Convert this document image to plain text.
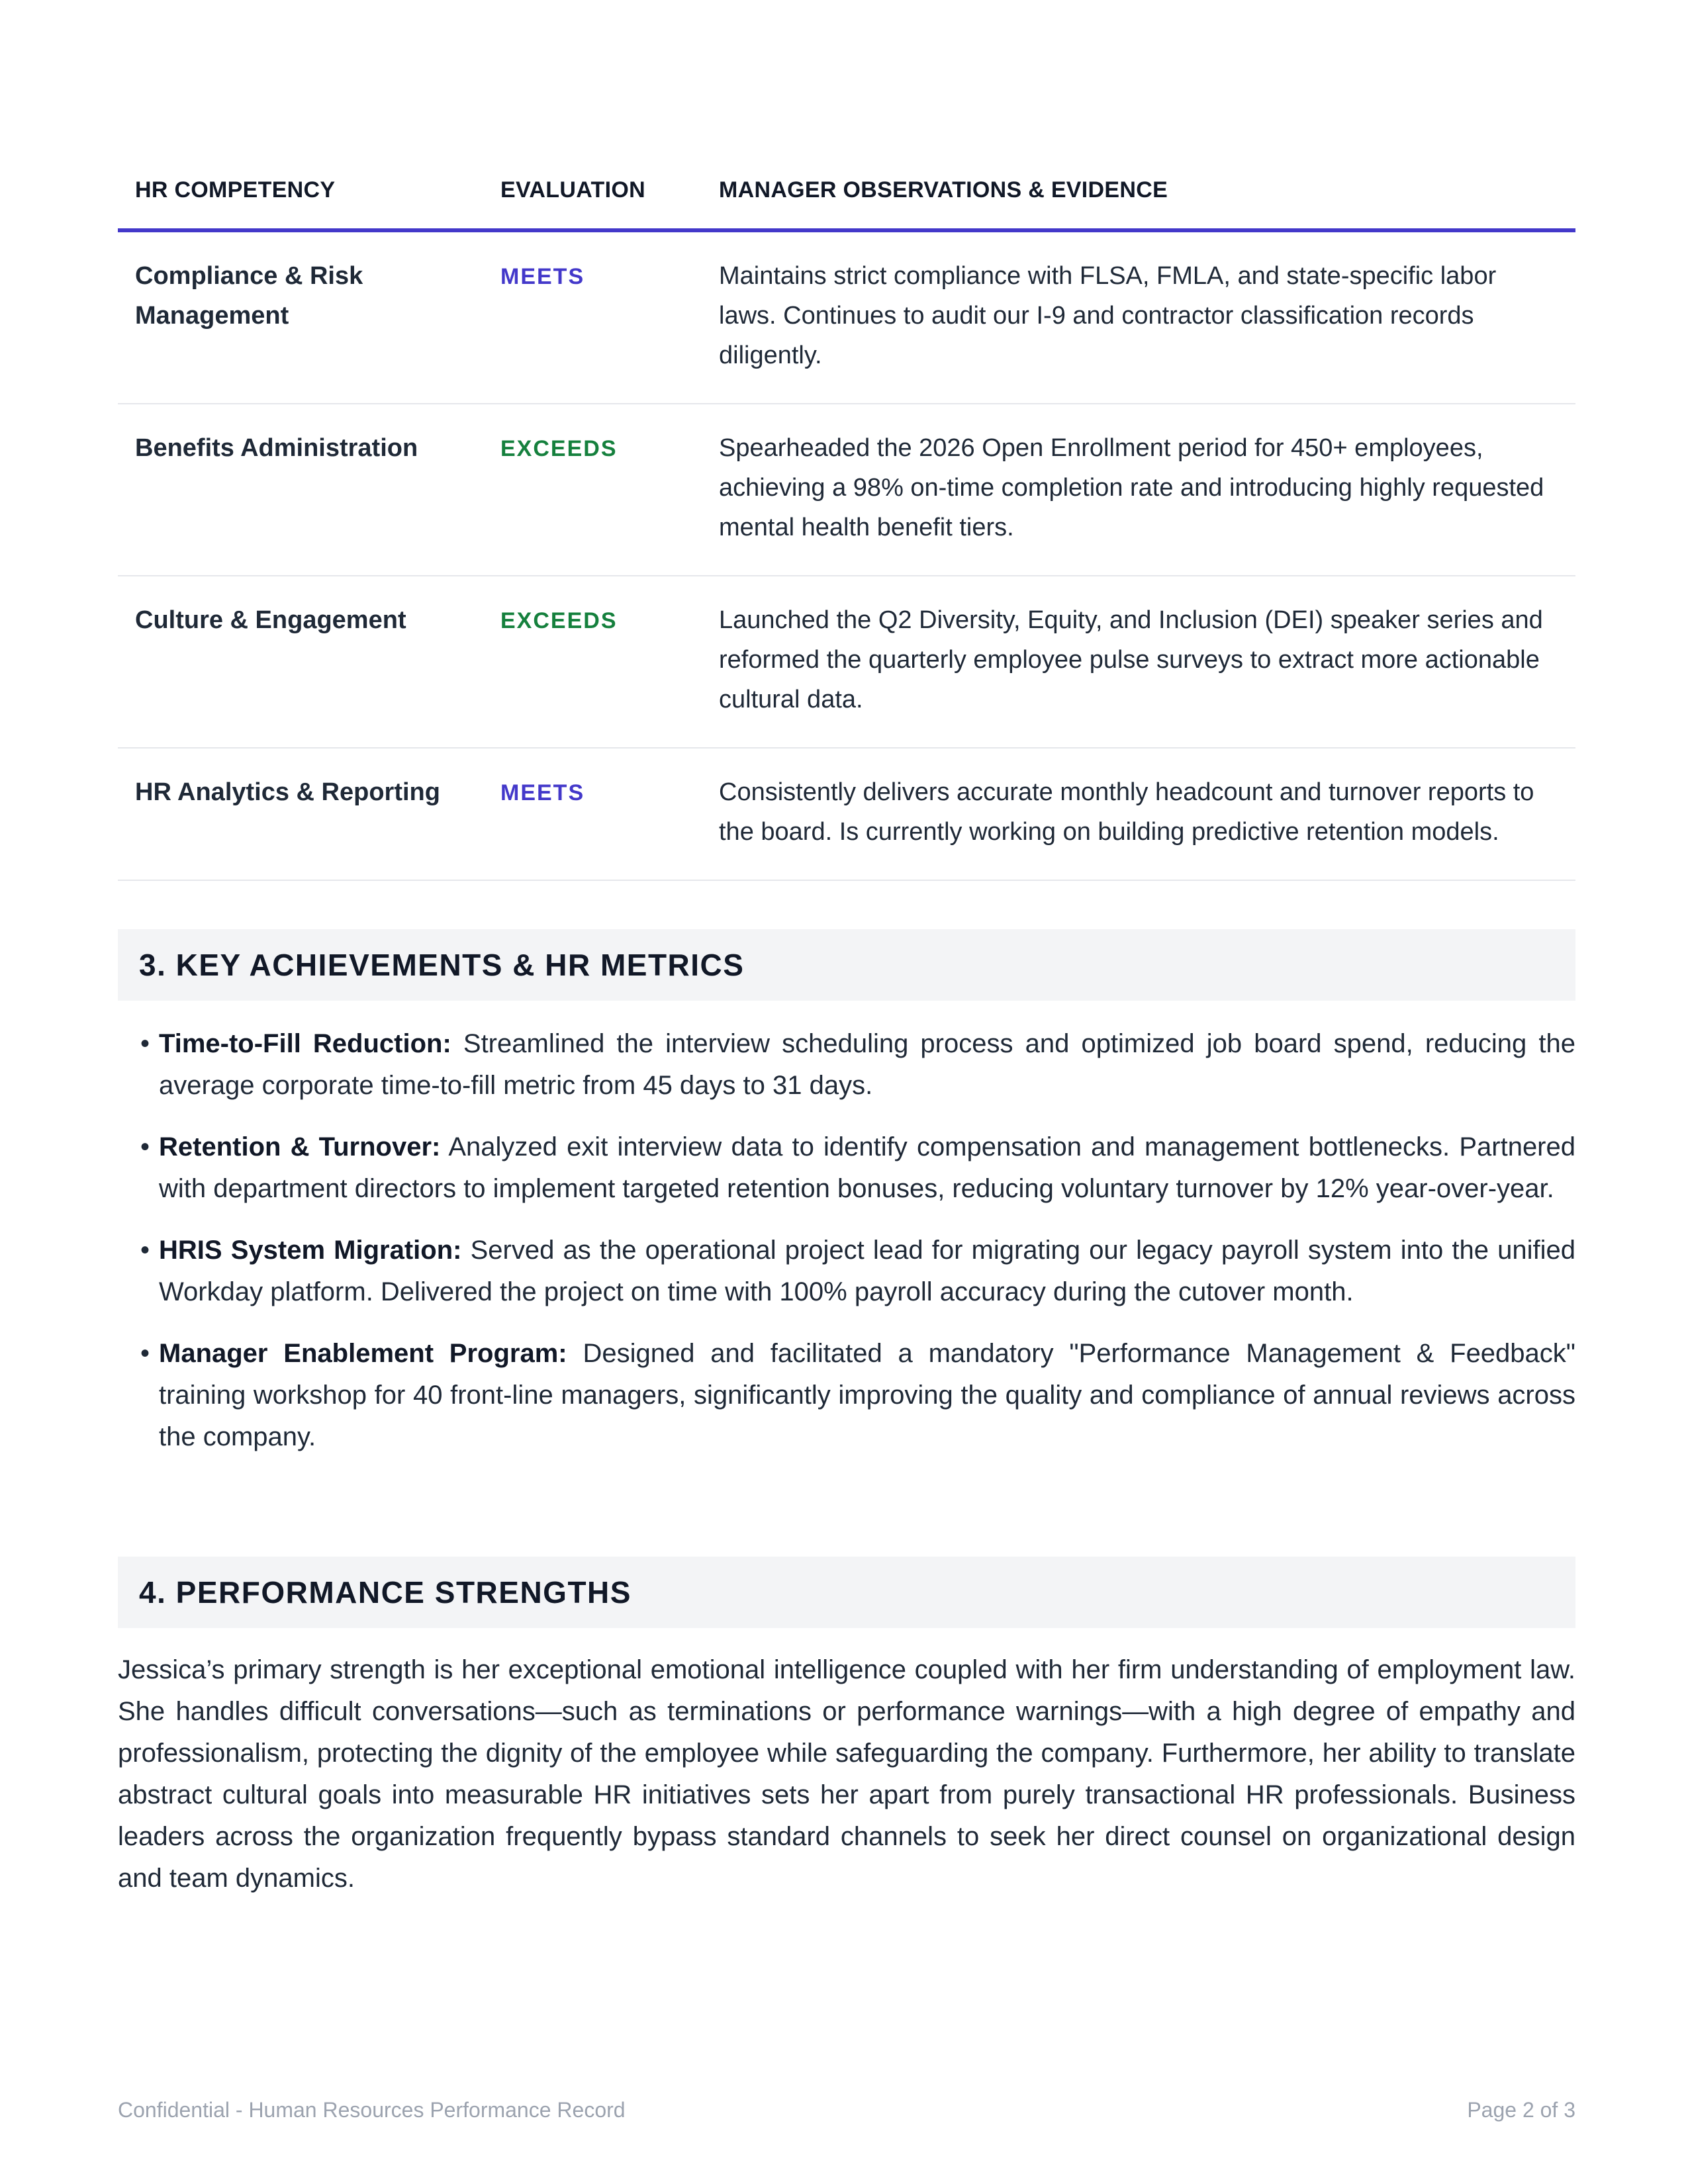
HR COMPETENCY	EVALUATION	MANAGER OBSERVATIONS & EVIDENCE
Compliance & Risk Management	MEETS	Maintains strict compliance with FLSA, FMLA, and state-specific labor laws. Continues to audit our I-9 and contractor classification records diligently.
Benefits Administration	EXCEEDS	Spearheaded the 2026 Open Enrollment period for 450+ employees, achieving a 98% on-time completion rate and introducing highly requested mental health benefit tiers.
Culture & Engagement	EXCEEDS	Launched the Q2 Diversity, Equity, and Inclusion (DEI) speaker series and reformed the quarterly employee pulse surveys to extract more actionable cultural data.
HR Analytics & Reporting	MEETS	Consistently delivers accurate monthly headcount and turnover reports to the board. Is currently working on building predictive retention models.
3. KEY ACHIEVEMENTS & HR METRICS
• Time-to-Fill Reduction: Streamlined the interview scheduling process and optimized job board spend, reducing the average corporate time-to-fill metric from 45 days to 31 days.
• Retention & Turnover: Analyzed exit interview data to identify compensation and management bottlenecks. Partnered with department directors to implement targeted retention bonuses, reducing voluntary turnover by 12% year-over-year.
• HRIS System Migration: Served as the operational project lead for migrating our legacy payroll system into the unified Workday platform. Delivered the project on time with 100% payroll accuracy during the cutover month.
• Manager Enablement Program: Designed and facilitated a mandatory "Performance Management & Feedback" training workshop for 40 front-line managers, significantly improving the quality and compliance of annual reviews across the company.
4. PERFORMANCE STRENGTHS

Jessica’s primary strength is her exceptional emotional intelligence coupled with her firm understanding of employment law. She handles difficult conversations—such as terminations or performance warnings—with a high degree of empathy and professionalism, protecting the dignity of the employee while safeguarding the company. Furthermore, her ability to translate abstract cultural goals into measurable HR initiatives sets her apart from purely transactional HR professionals. Business leaders across the organization frequently bypass standard channels to seek her direct counsel on organizational design and team dynamics.

Confidential - Human Resources Performance Record	Page 2 of 3
